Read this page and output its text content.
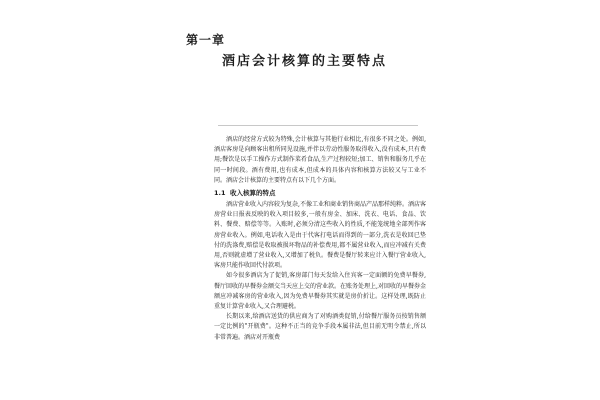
第一章
酒店会计核算的主要特点

酒店的经营方式较为特殊,会计核算与其他行业相比,有很多不同之处。例如,酒店客房是向顾客出租所同见设施,并伴以劳动性服务取得收入,没有成本,只有费用;餐饮是以手工操作方式制作菜肴食品,生产过程较短;加工、销售和服务几乎在同一时间段。酒有费用,也有成本,但成本的具体内容和核算方法较又与工业不同。酒店会计核算的主要特点有以下几个方面。

1.1 收入核算的特点

酒店营业收入内容较为复杂,不像工业和商业销售商品产品那样纯粹。酒店客房营业日报表反映的收入项目较多,一般有房金、加床、洗衣、电话、食品、饮料、餐费、赔偿等等。入账时,必须分清这些收入的性质,不能笼统地全部列作客房营业收入。例如,电话收入是由于代客打电话而得到的一部分,洗衣是收回已垫付的洗涤费,赔偿是收取被损坏物品的补偿费用,都不属营业收入,而应冲减有关费用,否则就虚增了营业收入,又增加了税负。餐费是餐厅转来应计入餐厅营业收入,客房只能作收回代付款项。

如今很多酒店为了促销,客房部门每天发给入住宾客一定面额的免费早餐券,餐厅回收的早餐券金额交当天应上交的营业款。在账务处理上,对回收的早餐券金额应冲减客房的营业收入,因为免费早餐券其实就是房价折让。这样处理,既防止重复计算营业收入,又合理避税。

长期以来,给酒店送货的供应商为了对购酒类促销,付给餐厅服务员按销售额一定比例的"开瓶费"。这种不正当的竞争手段本属非法,但目前无明令禁止,所以非常普遍。酒店对开瓶费
